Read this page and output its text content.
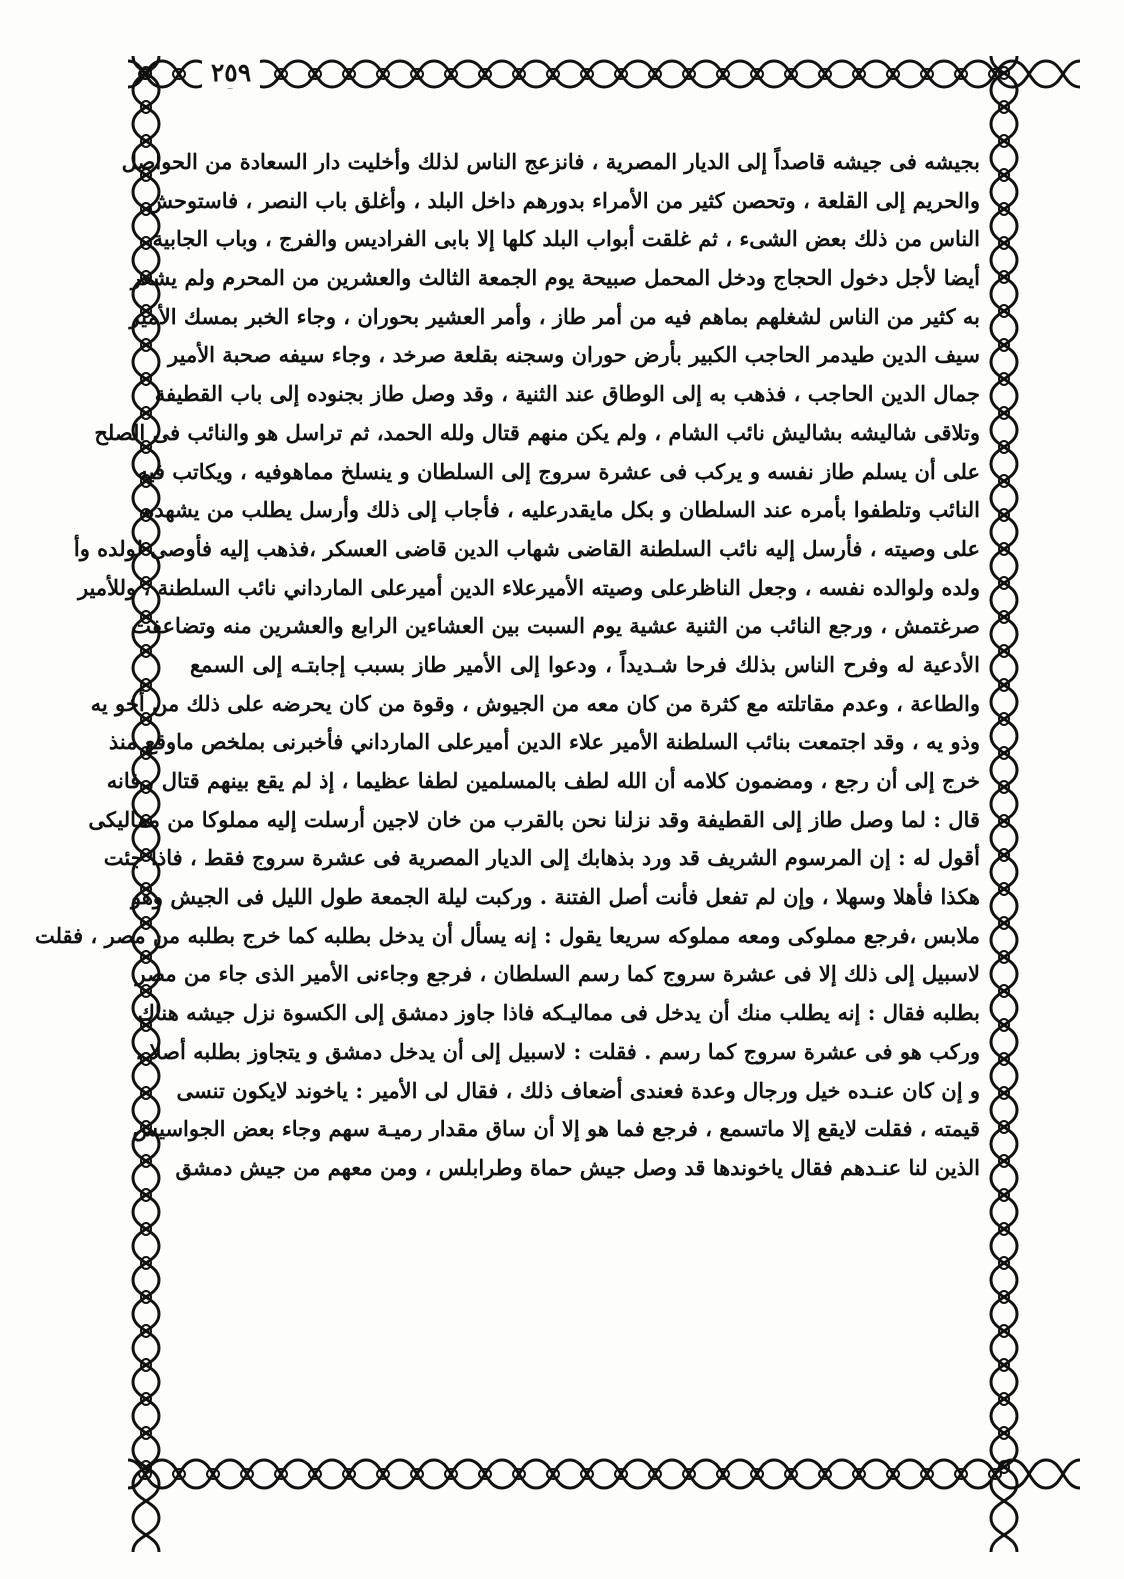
٢٥٩
بجيشه فى جيشه قاصداً إلى الديار المصرية ، فانزعج الناس لذلك وأخليت دار السعادة من الحواصل
والحريم إلى القلعة ، وتحصن كثير من الأمراء بدورهم داخل البلد ، وأغلق باب النصر ، فاستوحش
الناس من ذلك بعض الشىء ، ثم غلقت أبواب البلد كلها إلا بابى الفراديس والفرج ، وباب الجابية
أيضا لأجل دخول الحجاج ودخل المحمل صبيحة يوم الجمعة الثالث والعشرين من المحرم ولم يشعر
به كثير من الناس لشغلهم بماهم فيه من أمر طاز ، وأمر العشير بحوران ، وجاء الخبر بمسك الأمير
سيف الدين طيدمر الحاجب الكبير بأرض حوران وسجنه بقلعة صرخد ، وجاء سيفه صحبة الأمير
جمال الدين الحاجب ، فذهب به إلى الوطاق عند الثنية ، وقد وصل طاز بجنوده إلى باب القطيفة
وتلاقى شاليشه بشاليش نائب الشام ، ولم يكن منهم قتال ولله الحمد، ثم تراسل هو والنائب فى الصلح
على أن يسلم طاز نفسه و يركب فى عشرة سروج إلى السلطان و ينسلخ مماهوفيه ، ويكاتب فيه
النائب وتلطفوا بأمره عند السلطان و بكل مايقدرعليه ، فأجاب إلى ذلك وأرسل يطلب من يشهده
على وصيته ، فأرسل إليه نائب السلطنة القاضى شهاب الدين قاضى العسكر ،فذهب إليه فأوصى لولده وأ
ولده ولوالده نفسه ، وجعل الناظرعلى وصيته الأميرعلاء الدين أميرعلى المارداني نائب السلطنة ، وللأمير
صرغتمش ، ورجع النائب من الثنية عشية يوم السبت بين العشاءين الرابع والعشرين منه وتضاعفت
الأدعية له وفرح الناس بذلك فرحا شـديداً ، ودعوا إلى الأمير طاز بسبب إجابتـه إلى السمع
والطاعة ، وعدم مقاتلته مع كثرة من كان معه من الجيوش ، وقوة من كان يحرضه على ذلك من أخو يه
وذو يه ، وقد اجتمعت بنائب السلطنة الأمير علاء الدين أميرعلى المارداني فأخبرنى بملخص ماوقع منذ
خرج إلى أن رجع ، ومضمون كلامه أن الله لطف بالمسلمين لطفا عظيما ، إذ لم يقع بينهم قتال ، فانه
قال : لما وصل طاز إلى القطيفة وقد نزلنا نحن بالقرب من خان لاجين أرسلت إليه مملوكا من مماليكى
أقول له : إن المرسوم الشريف قد ورد بذهابك إلى الديار المصرية فى عشرة سروج فقط ، فاذا جئت
هكذا فأهلا وسهلا ، وإن لم تفعل فأنت أصل الفتنة . وركبت ليلة الجمعة طول الليل فى الجيش وهو
ملابس ،فرجع مملوكى ومعه مملوكه سريعا يقول : إنه يسأل أن يدخل بطلبه كما خرج بطلبه من مصر ، فقلت
لاسبيل إلى ذلك إلا فى عشرة سروج كما رسم السلطان ، فرجع وجاءنى الأمير الذى جاء من مصر
بطلبه فقال : إنه يطلب منك أن يدخل فى مماليـكه فاذا جاوز دمشق إلى الكسوة نزل جيشه هناك
وركب هو فى عشرة سروج كما رسم . فقلت : لاسبيل إلى أن يدخل دمشق و يتجاوز بطلبه أصلا ،
و إن كان عنـده خيل ورجال وعدة فعندى أضعاف ذلك ، فقال لى الأمير : ياخوند لايكون تنسى
قيمته ، فقلت لايقع إلا ماتسمع ، فرجع فما هو إلا أن ساق مقدار رميـة سهم وجاء بعض الجواسيس
الذين لنا عنـدهم فقال ياخوندها قد وصل جيش حماة وطرابلس ، ومن معهم من جيش دمشق
